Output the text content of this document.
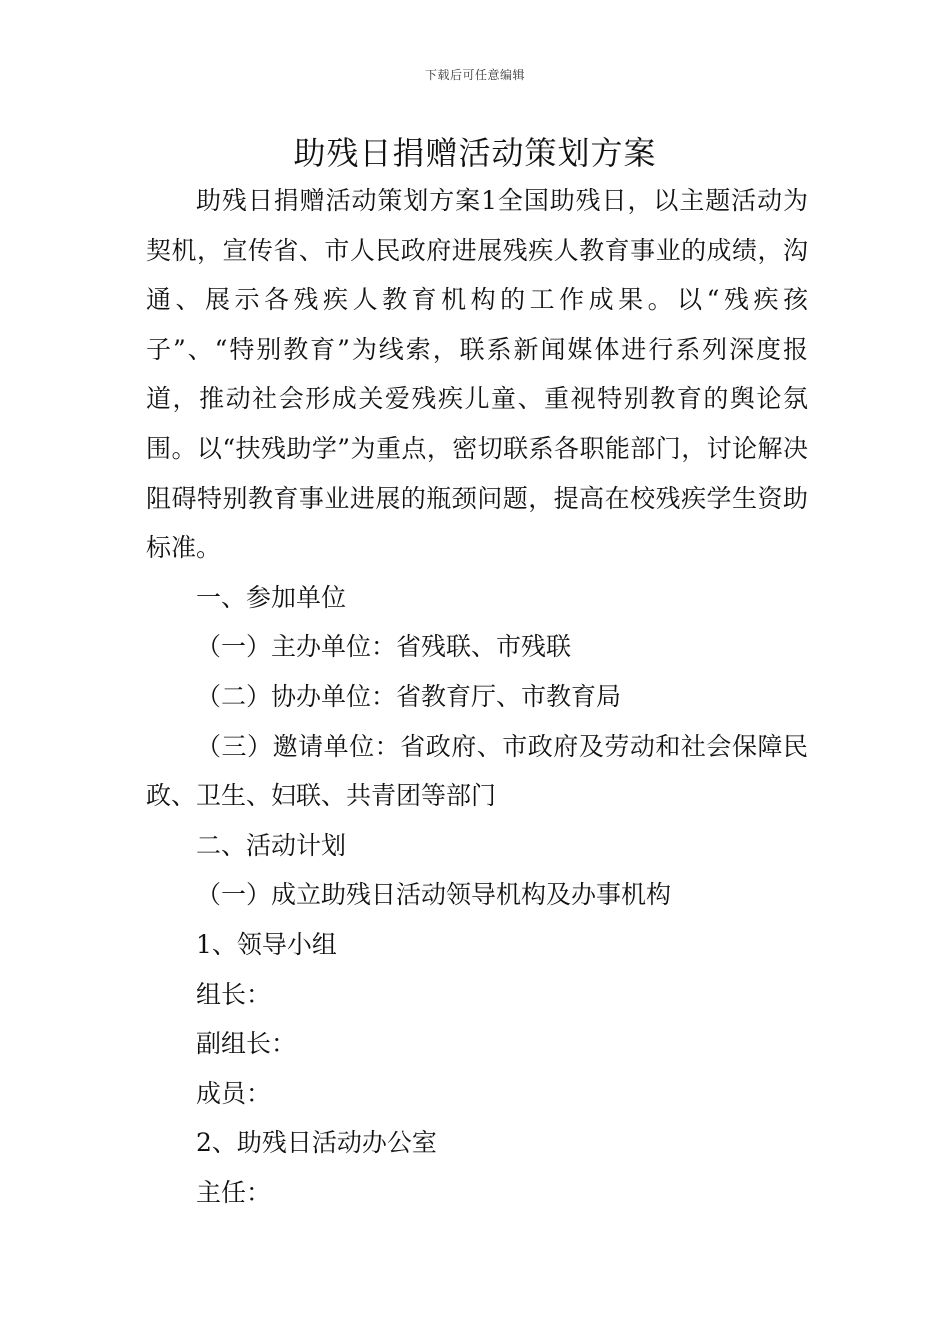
下载后可任意编辑
助残日捐赠活动策划方案

助残日捐赠活动策划方案1全国助残日，以主题活动为契机，宣传省、市人民政府进展残疾人教育事业的成绩，沟通、展示各残疾人教育机构的工作成果。以“残疾孩子”、“特别教育”为线索，联系新闻媒体进行系列深度报道，推动社会形成关爱残疾儿童、重视特别教育的舆论氛围。以“扶残助学”为重点，密切联系各职能部门，讨论解决阻碍特别教育事业进展的瓶颈问题，提高在校残疾学生资助标准。

一、参加单位

（一）主办单位：省残联、市残联

（二）协办单位：省教育厅、市教育局

（三）邀请单位：省政府、市政府及劳动和社会保障民政、卫生、妇联、共青团等部门

二、活动计划

（一）成立助残日活动领导机构及办事机构

1、领导小组

组长：

副组长：

成员：

2、助残日活动办公室

主任：
